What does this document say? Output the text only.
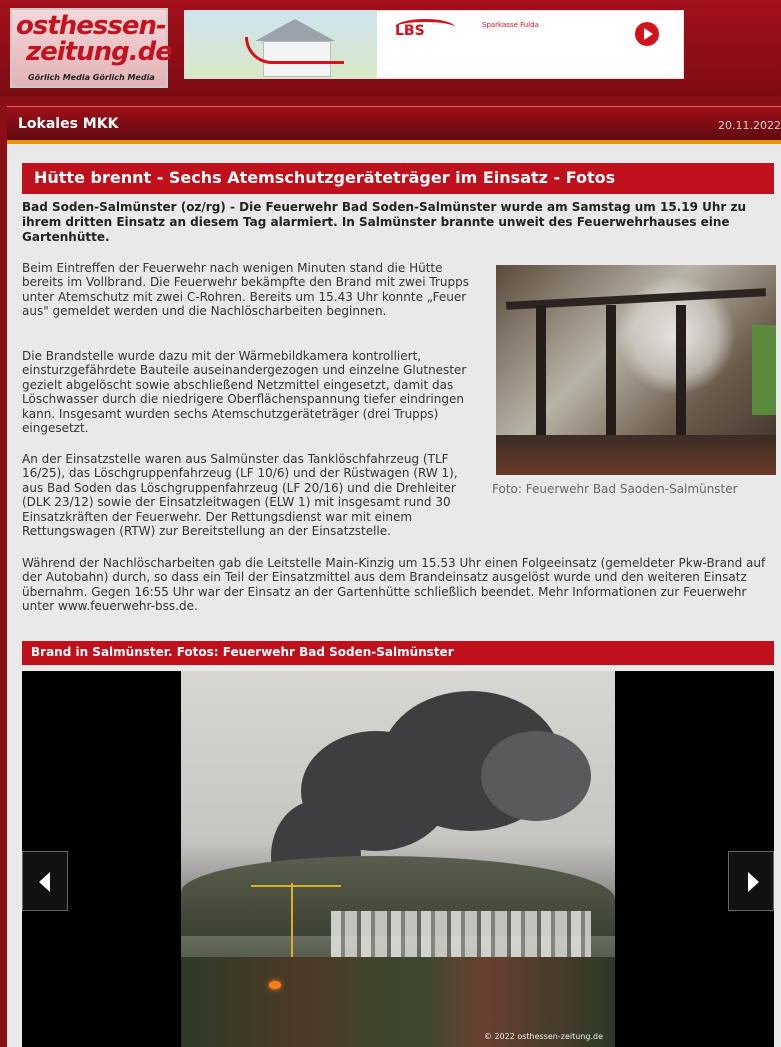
osthessen-
zeitung.de
Görlich Media Görlich Media
LBS	Sparkasse Fulda
Lokales MKK	20.11.2022
Hütte brennt - Sechs Atemschutzgeräteträger im Einsatz - Fotos
Bad Soden-Salmünster (oz/rg) - Die Feuerwehr Bad Soden-Salmünster wurde am Samstag um 15.19 Uhr zu ihrem dritten Einsatz an diesem Tag alarmiert. In Salmünster brannte unweit des Feuerwehrhauses eine Gartenhütte.
Beim Eintreffen der Feuerwehr nach wenigen Minuten stand die Hütte bereits im Vollbrand. Die Feuerwehr bekämpfte den Brand mit zwei Trupps unter Atemschutz mit zwei C-Rohren. Bereits um 15.43 Uhr konnte „Feuer aus" gemeldet werden und die Nachlöscharbeiten beginnen.
Die Brandstelle wurde dazu mit der Wärmebildkamera kontrolliert, einsturzgefährdete Bauteile auseinandergezogen und einzelne Glutnester gezielt abgelöscht sowie abschließend Netzmittel eingesetzt, damit das Löschwasser durch die niedrigere Oberflächenspannung tiefer eindringen kann. Insgesamt wurden sechs Atemschutzgeräteträger (drei Trupps) eingesetzt.
An der Einsatzstelle waren aus Salmünster das Tanklöschfahrzeug (TLF 16/25), das Löschgruppenfahrzeug (LF 10/6) und der Rüstwagen (RW 1), aus Bad Soden das Löschgruppenfahrzeug (LF 20/16) und die Drehleiter (DLK 23/12) sowie der Einsatzleitwagen (ELW 1) mit insgesamt rund 30 Einsatzkräften der Feuerwehr. Der Rettungsdienst war mit einem Rettungswagen (RTW) zur Bereitstellung an der Einsatzstelle.
Foto: Feuerwehr Bad Saoden-Salmünster
Während der Nachlöscharbeiten gab die Leitstelle Main-Kinzig um 15.53 Uhr einen Folgeeinsatz (gemeldeter Pkw-Brand auf der Autobahn) durch, so dass ein Teil der Einsatzmittel aus dem Brandeinsatz ausgelöst wurde und den weiteren Einsatz übernahm. Gegen 16:55 Uhr war der Einsatz an der Gartenhütte schließlich beendet. Mehr Informationen zur Feuerwehr unter www.feuerwehr-bss.de.
Brand in Salmünster. Fotos: Feuerwehr Bad Soden-Salmünster
© 2022 osthessen-zeitung.de
